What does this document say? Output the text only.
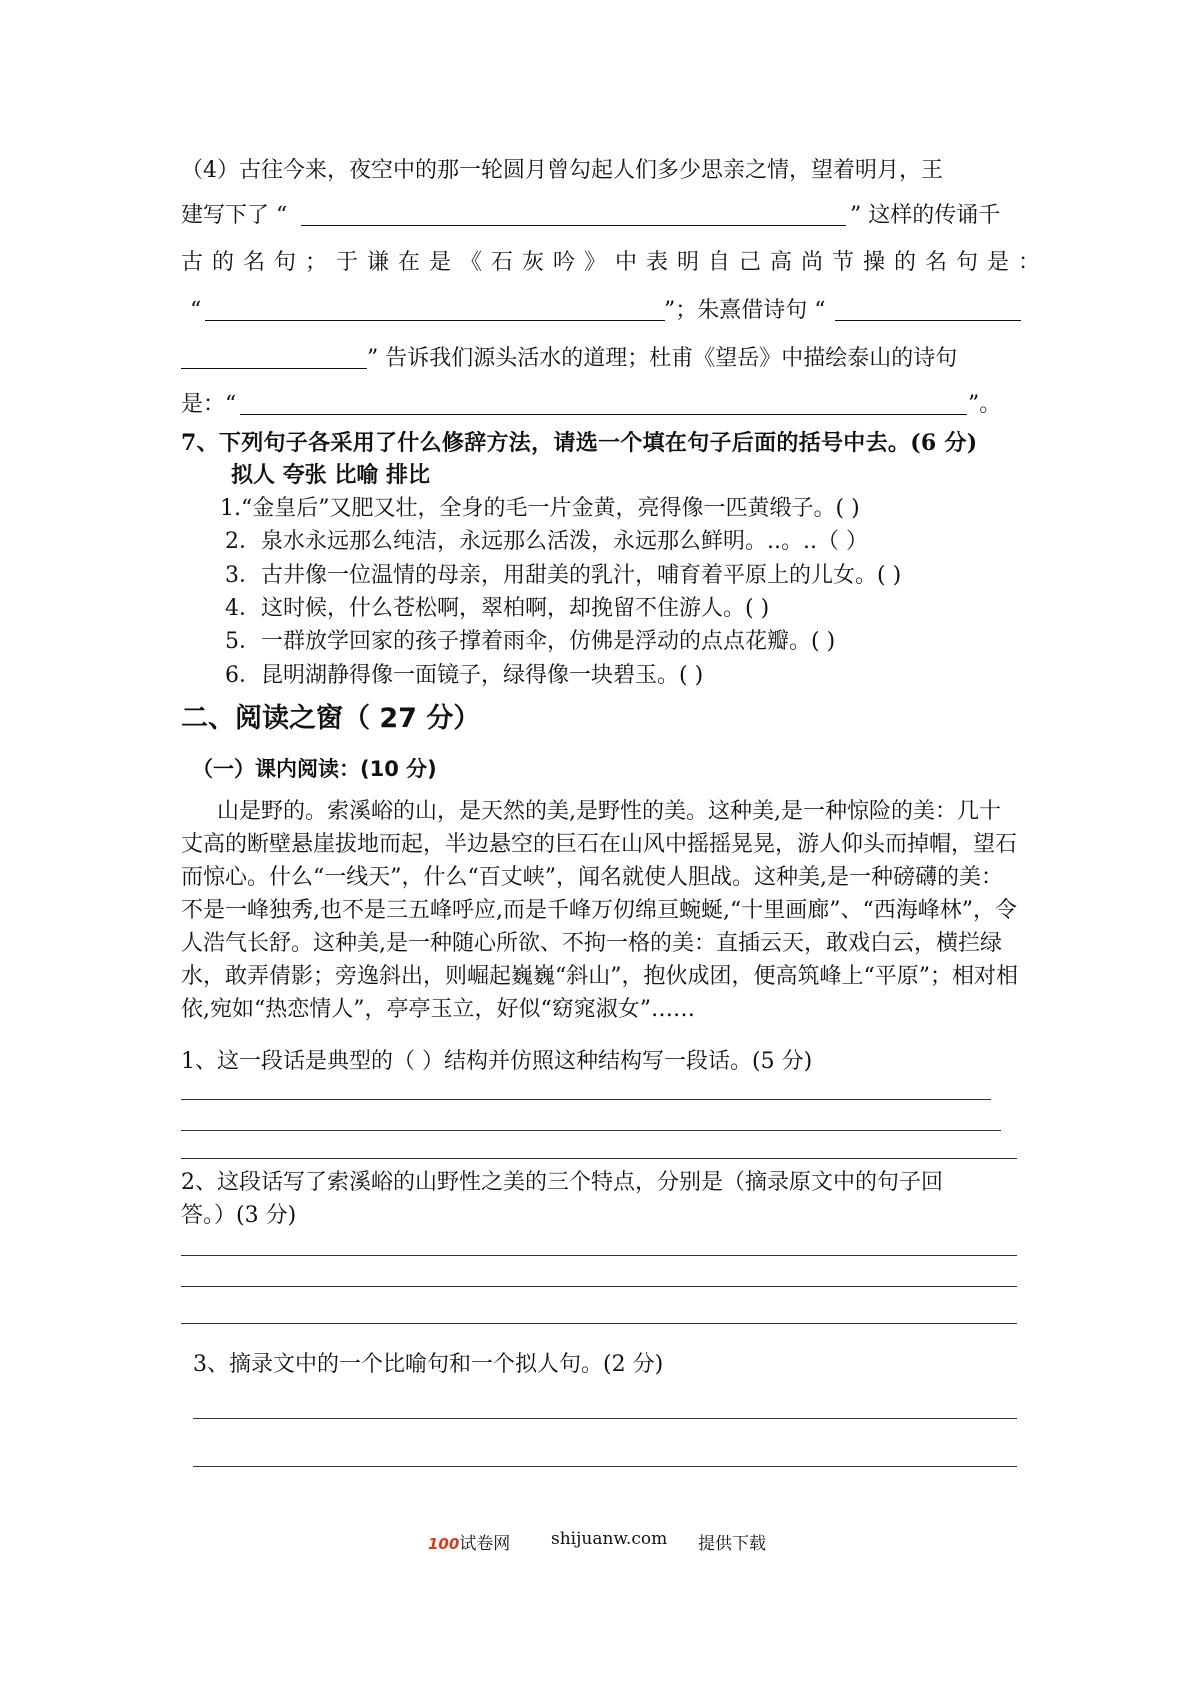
（4）古往今来，夜空中的那一轮圆月曾勾起人们多少思亲之情，望着明月，王
建写下了 “	” 这样的传诵千
古的名句；于谦在是《石灰吟》中表明自己高尚节操的名句是：
“	”；朱熹借诗句 “
” 告诉我们源头活水的道理；杜甫《望岳》中描绘泰山的诗句
是：“	”。
7、下列句子各采用了什么修辞方法，请选一个填在句子后面的括号中去。(6 分)
拟人 夸张 比喻 排比
1.“金皇后”又肥又壮，全身的毛一片金黄，亮得像一匹黄缎子。( )
2．泉水永远那么纯洁，永远那么活泼，永远那么鲜明。..。..（ ）
3．古井像一位温情的母亲，用甜美的乳汁，哺育着平原上的儿女。( )
4．这时候，什么苍松啊，翠柏啊，却挽留不住游人。( )
5．一群放学回家的孩子撑着雨伞，仿佛是浮动的点点花瓣。( )
6．昆明湖静得像一面镜子，绿得像一块碧玉。( )
二、阅读之窗（ 27 分）
（一）课内阅读：(10 分)
山是野的。索溪峪的山，是天然的美,是野性的美。这种美,是一种惊险的美：几十丈高的断壁悬崖拔地而起，半边悬空的巨石在山风中摇摇晃晃，游人仰头而掉帽，望石而惊心。什么“一线天”，什么“百丈峡”，闻名就使人胆战。这种美,是一种磅礴的美：不是一峰独秀,也不是三五峰呼应,而是千峰万仞绵亘蜿蜒,“十里画廊”、“西海峰林”，令人浩气长舒。这种美,是一种随心所欲、不拘一格的美：直插云天，敢戏白云，横拦绿水，敢弄倩影；旁逸斜出，则崛起巍巍“斜山”，抱伙成团，便高筑峰上“平原”；相对相依,宛如“热恋情人”，亭亭玉立，好似“窈窕淑女”……
1、这一段话是典型的（ ）结构并仿照这种结构写一段话。(5 分)
2、这段话写了索溪峪的山野性之美的三个特点，分别是（摘录原文中的句子回
答。）(3 分)
3、摘录文中的一个比喻句和一个拟人句。(2 分)
100试卷网 shijuanw.com 提供下载
